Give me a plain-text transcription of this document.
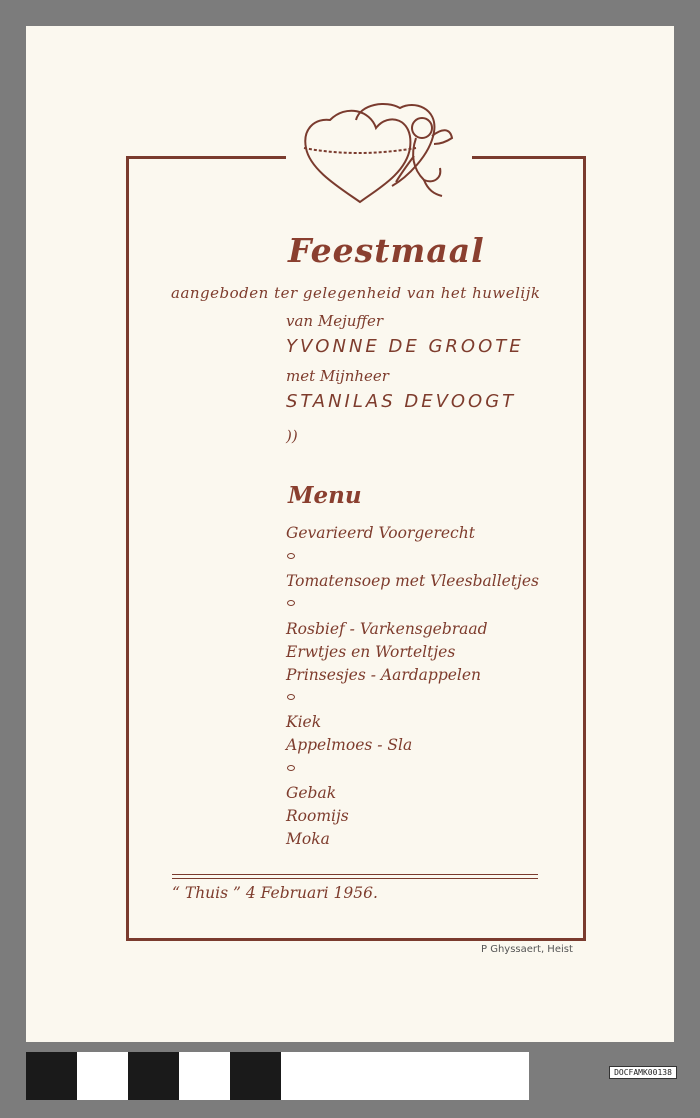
Feestmaal
aangeboden ter gelegenheid van het huwelijk
van Mejuffer
YVONNE DE GROOTE
met Mijnheer
STANILAS DEVOOGT
))
Menu
Gevarieerd Voorgerecht
Tomatensoep met Vleesballetjes
Rosbief - Varkensgebraad
Erwtjes en Worteltjes
Prinsesjes - Aardappelen
Kiek
Appelmoes - Sla
Gebak
Roomijs
Moka
“ Thuis ” 4 Februari 1956.
P Ghyssaert, Heist
DOCFAMK00138
